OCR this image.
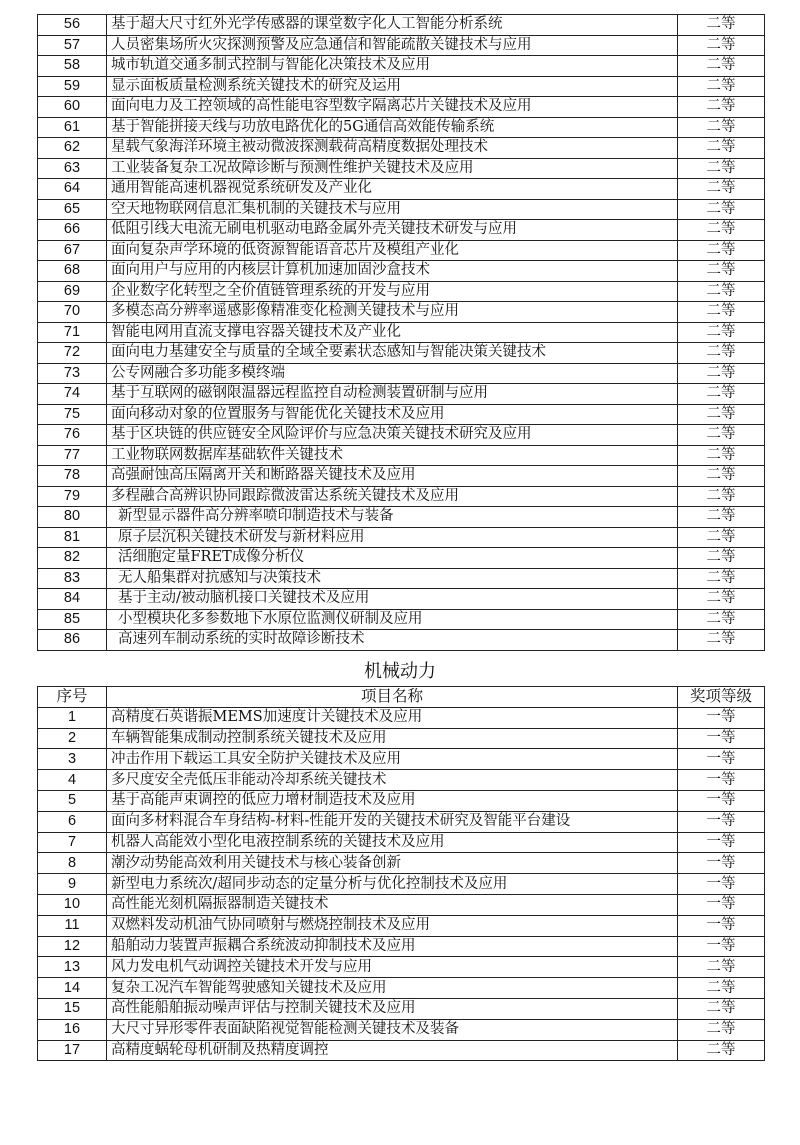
56	基于超大尺寸红外光学传感器的课堂数字化人工智能分析系统	二等
57	人员密集场所火灾探测预警及应急通信和智能疏散关键技术与应用	二等
58	城市轨道交通多制式控制与智能化决策技术及应用	二等
59	显示面板质量检测系统关键技术的研究及运用	二等
60	面向电力及工控领域的高性能电容型数字隔离芯片关键技术及应用	二等
61	基于智能拼接天线与功放电路优化的5G通信高效能传输系统	二等
62	星载气象海洋环境主被动微波探测载荷高精度数据处理技术	二等
63	工业装备复杂工况故障诊断与预测性维护关键技术及应用	二等
64	通用智能高速机器视觉系统研发及产业化	二等
65	空天地物联网信息汇集机制的关键技术与应用	二等
66	低阻引线大电流无刷电机驱动电路金属外壳关键技术研发与应用	二等
67	面向复杂声学环境的低资源智能语音芯片及模组产业化	二等
68	面向用户与应用的内核层计算机加速加固沙盒技术	二等
69	企业数字化转型之全价值链管理系统的开发与应用	二等
70	多模态高分辨率遥感影像精准变化检测关键技术与应用	二等
71	智能电网用直流支撑电容器关键技术及产业化	二等
72	面向电力基建安全与质量的全域全要素状态感知与智能决策关键技术	二等
73	公专网融合多功能多模终端	二等
74	基于互联网的磁钢限温器远程监控自动检测装置研制与应用	二等
75	面向移动对象的位置服务与智能优化关键技术及应用	二等
76	基于区块链的供应链安全风险评价与应急决策关键技术研究及应用	二等
77	工业物联网数据库基础软件关键技术	二等
78	高强耐蚀高压隔离开关和断路器关键技术及应用	二等
79	多程融合高辨识协同跟踪微波雷达系统关键技术及应用	二等
80	新型显示器件高分辨率喷印制造技术与装备	二等
81	原子层沉积关键技术研发与新材料应用	二等
82	活细胞定量FRET成像分析仪	二等
83	无人船集群对抗感知与决策技术	二等
84	基于主动/被动脑机接口关键技术及应用	二等
85	小型模块化多参数地下水原位监测仪研制及应用	二等
86	高速列车制动系统的实时故障诊断技术	二等
机械动力
序号	项目名称	奖项等级
1	高精度石英谐振MEMS加速度计关键技术及应用	一等
2	车辆智能集成制动控制系统关键技术及应用	一等
3	冲击作用下载运工具安全防护关键技术及应用	一等
4	多尺度安全壳低压非能动冷却系统关键技术	一等
5	基于高能声束调控的低应力增材制造技术及应用	一等
6	面向多材料混合车身结构-材料-性能开发的关键技术研究及智能平台建设	一等
7	机器人高能效小型化电液控制系统的关键技术及应用	一等
8	潮汐动势能高效利用关键技术与核心装备创新	一等
9	新型电力系统次/超同步动态的定量分析与优化控制技术及应用	一等
10	高性能光刻机隔振器制造关键技术	一等
11	双燃料发动机油气协同喷射与燃烧控制技术及应用	一等
12	船舶动力装置声振耦合系统波动抑制技术及应用	一等
13	风力发电机气动调控关键技术开发与应用	二等
14	复杂工况汽车智能驾驶感知关键技术及应用	二等
15	高性能船舶振动噪声评估与控制关键技术及应用	二等
16	大尺寸异形零件表面缺陷视觉智能检测关键技术及装备	二等
17	高精度蜗轮母机研制及热精度调控	二等
